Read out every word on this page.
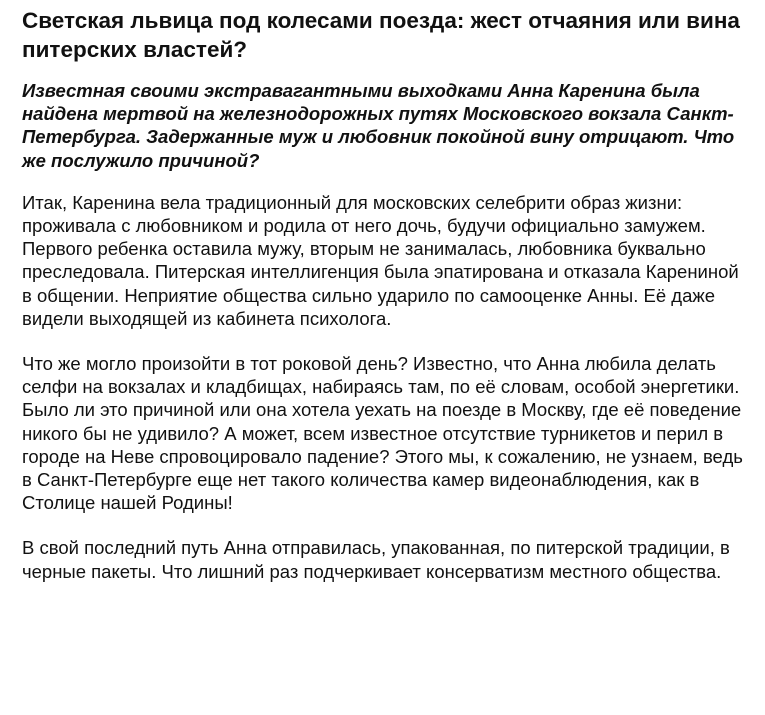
Светская львица под колесами поезда: жест отчаяния или вина питерских властей?

Известная своими экстравагантными выходками Анна Каренина была найдена мертвой на железнодорожных путях Московского вокзала Санкт-Петербурга. Задержанные муж и любовник покойной вину отрицают. Что же послужило причиной?

Итак, Каренина вела традиционный для московских селебрити образ жизни: проживала с любовником и родила от него дочь, будучи официально замужем. Первого ребенка оставила мужу, вторым не занималась, любовника буквально преследовала. Питерская интеллигенция была эпатирована и отказала Карениной в общении. Неприятие общества сильно ударило по самооценке Анны. Её даже видели выходящей из кабинета психолога.

Что же могло произойти в тот роковой день? Известно, что Анна любила делать селфи на вокзалах и кладбищах, набираясь там, по её словам, особой энергетики. Было ли это причиной или она хотела уехать на поезде в Москву, где её поведение никого бы не удивило? А может, всем известное отсутствие турникетов и перил в городе на Неве спровоцировало падение? Этого мы, к сожалению, не узнаем, ведь в Санкт-Петербурге еще нет такого количества камер видеонаблюдения, как в Столице нашей Родины!

В свой последний путь Анна отправилась, упакованная, по питерской традиции, в черные пакеты. Что лишний раз подчеркивает консерватизм местного общества.
